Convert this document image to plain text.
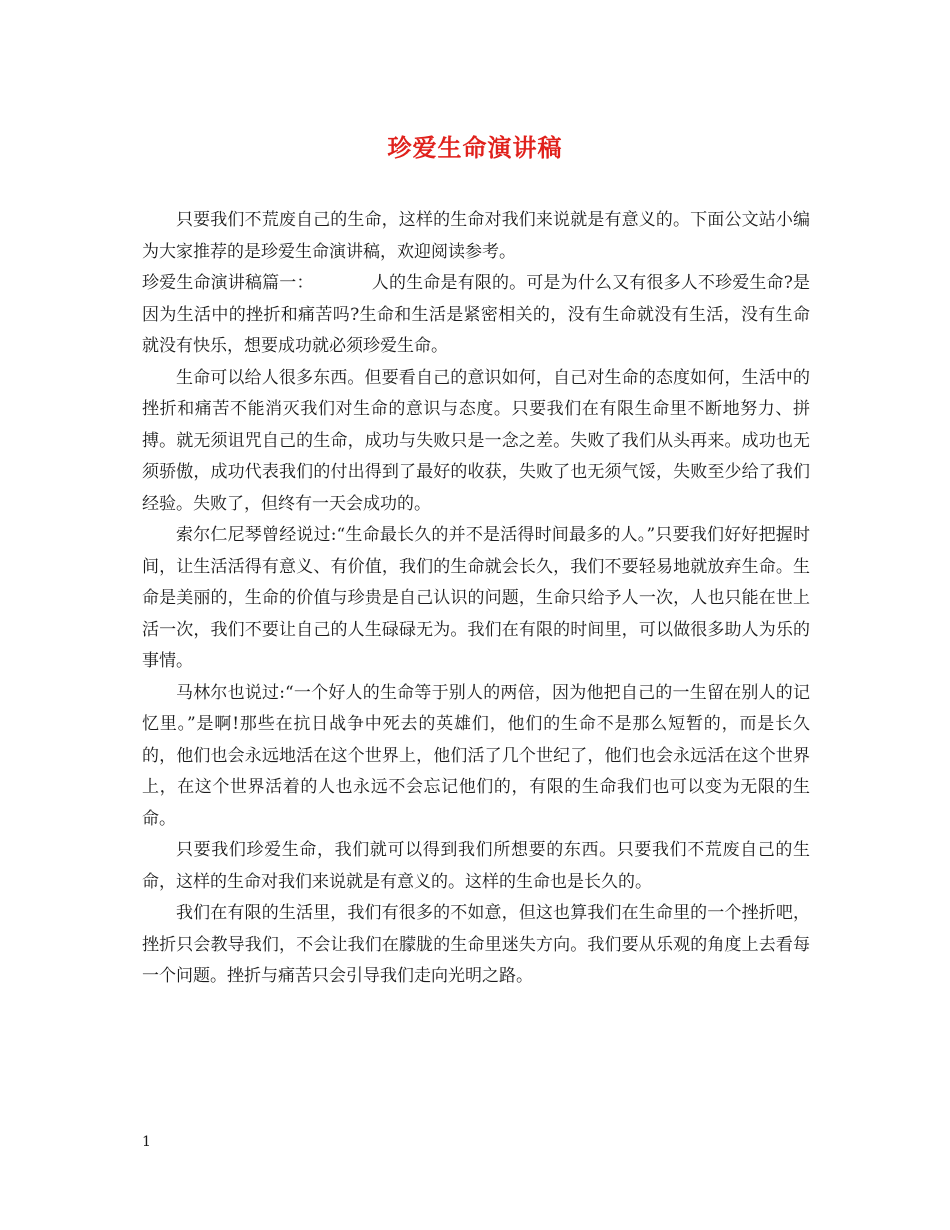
珍爱生命演讲稿

只要我们不荒废自己的生命，这样的生命对我们来说就是有意义的。下面公文站小编为大家推荐的是珍爱生命演讲稿，欢迎阅读参考。

珍爱生命演讲稿篇一：	人的生命是有限的。可是为什么又有很多人不珍爱生命?是因为生活中的挫折和痛苦吗?生命和生活是紧密相关的，没有生命就没有生活，没有生命就没有快乐，想要成功就必须珍爱生命。

生命可以给人很多东西。但要看自己的意识如何，自己对生命的态度如何，生活中的挫折和痛苦不能消灭我们对生命的意识与态度。只要我们在有限生命里不断地努力、拼搏。就无须诅咒自己的生命，成功与失败只是一念之差。失败了我们从头再来。成功也无须骄傲，成功代表我们的付出得到了最好的收获，失败了也无须气馁，失败至少给了我们经验。失败了，但终有一天会成功的。

索尔仁尼琴曾经说过:“生命最长久的并不是活得时间最多的人。”只要我们好好把握时间，让生活活得有意义、有价值，我们的生命就会长久，我们不要轻易地就放弃生命。生命是美丽的，生命的价值与珍贵是自己认识的问题，生命只给予人一次，人也只能在世上活一次，我们不要让自己的人生碌碌无为。我们在有限的时间里，可以做很多助人为乐的事情。

马林尔也说过:“一个好人的生命等于别人的两倍，因为他把自己的一生留在别人的记忆里。”是啊!那些在抗日战争中死去的英雄们，他们的生命不是那么短暂的，而是长久的，他们也会永远地活在这个世界上，他们活了几个世纪了，他们也会永远活在这个世界上，在这个世界活着的人也永远不会忘记他们的，有限的生命我们也可以变为无限的生命。

只要我们珍爱生命，我们就可以得到我们所想要的东西。只要我们不荒废自己的生命，这样的生命对我们来说就是有意义的。这样的生命也是长久的。

我们在有限的生活里，我们有很多的不如意，但这也算我们在生命里的一个挫折吧，挫折只会教导我们，不会让我们在朦胧的生命里迷失方向。我们要从乐观的角度上去看每一个问题。挫折与痛苦只会引导我们走向光明之路。

1
